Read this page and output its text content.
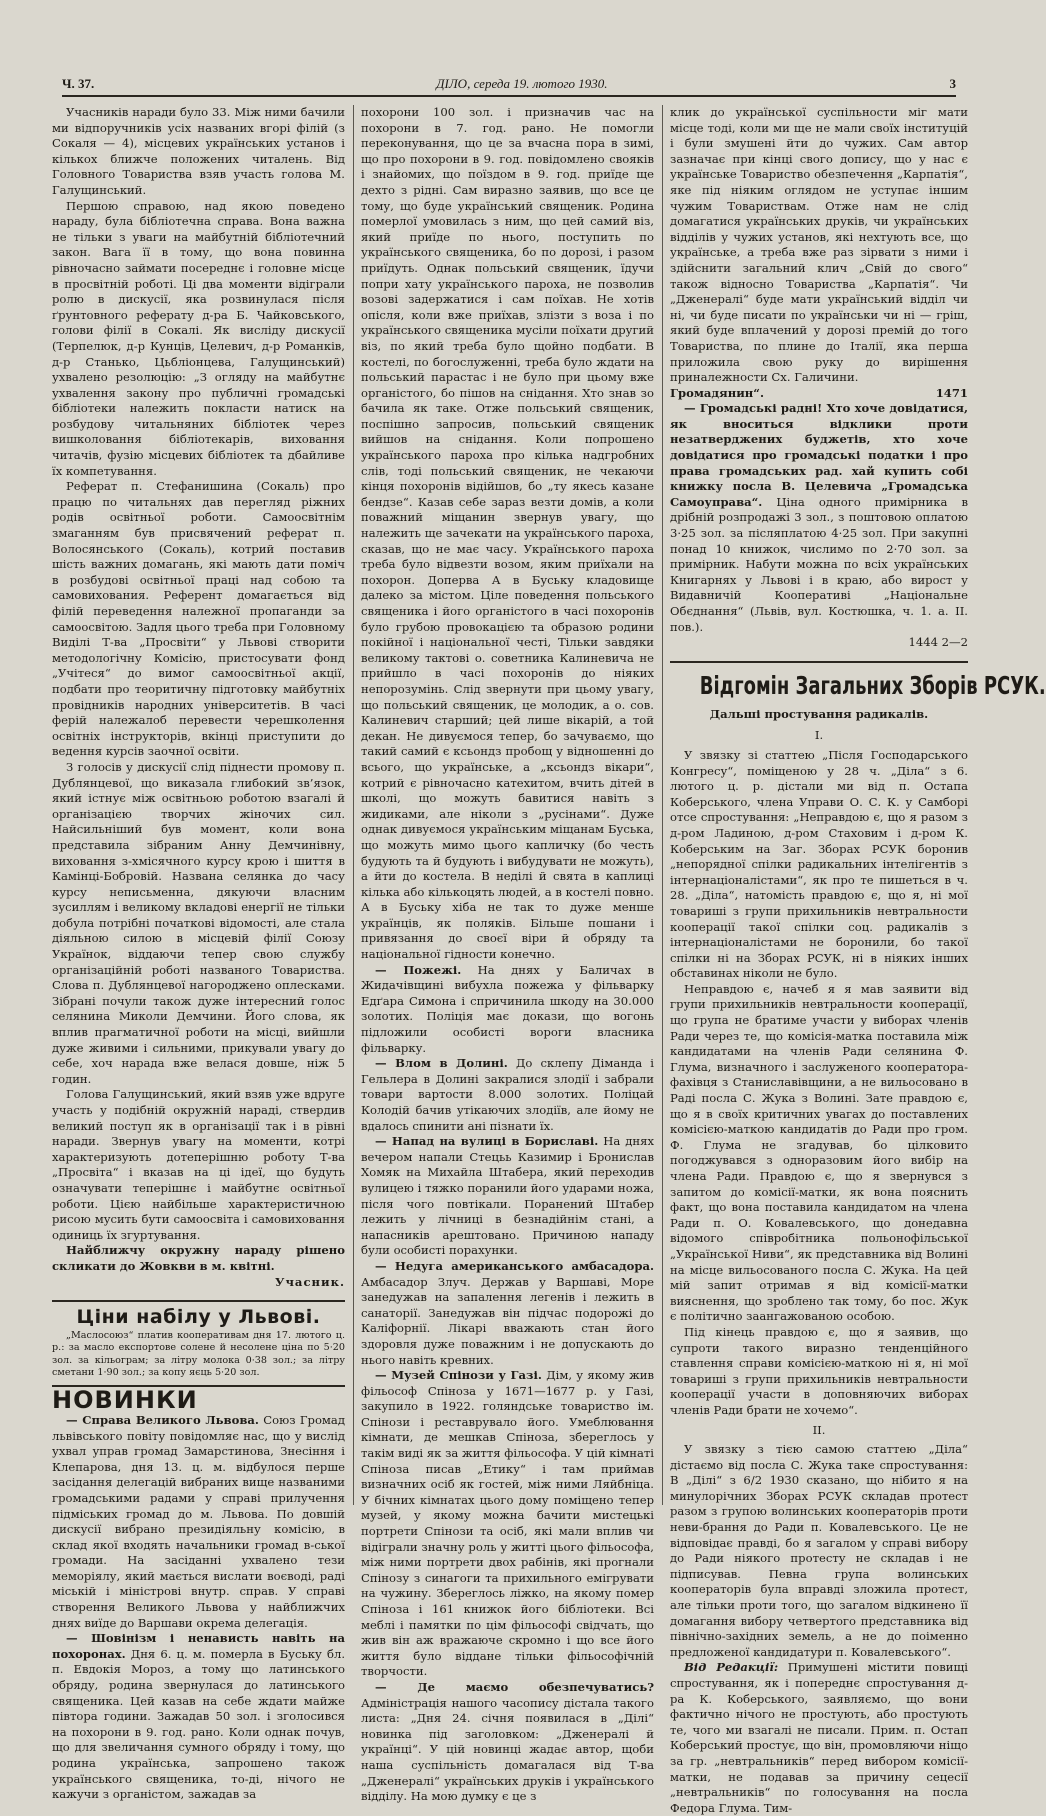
Ч. 37.	ДІЛО, середа 19. лютого 1930.	3

Учасників наради було 33. Між ними бачили ми відпоручників усіх названих вгорі філій (з Сокаля — 4), місцевих українських установ і кількох ближче положених читалень. Від Головного Товариства взяв участь голова М. Галущинський.

Першою справою, над якою поведено нараду, була бібліотечна справа. Вона важна не тільки з уваги на майбутній бібліотечний закон. Вага її в тому, що вона повинна рівночасно займати посереднє і головне місце в просвітній роботі. Ці два моменти відіграли ролю в дискусії, яка розвинулася після ґрунтовного реферату д-ра Б. Чайковського, голови філії в Сокалі. Як висліду дискусії (Терпелюк, д-р Кунців, Целевич, д-р Романків, д-р Станько, Цьбліонцева, Галущинський) ухвалено резолюцію: „З огляду на майбутнє ухвалення закону про публичні громадські бібліотеки належить покласти натиск на розбудову читальняних бібліотек через вишколовання бібліотекарів, виховання читачів, фузію місцевих бібліотек та дбайливе їх компетування.

Реферат п. Стефанишина (Сокаль) про працю по читальнях дав перегляд ріжних родів освітньої роботи. Самоосвітнім змаганням був присвячений реферат п. Волосянського (Сокаль), котрий поставив шість важних домагань, які мають дати поміч в розбудові освітньої праці над собою та самовихования. Референт домагається від філій переведення належної пропаганди за самоосвітою. Задля цього треба при Головному Виділі Т-ва „Просвіти“ у Львові створити методологічну Комісію, пристосувати фонд „Учітеся“ до вимог самоосвітньої акції, подбати про теоритичну підготовку майбутніх провідників народних університетів. В часі ферій належалоб перевести черешколення освітніх інструкторів, вкінці приступити до ведення курсів заочної освіти.

З голосів у дискусії слід піднести промову п. Дублянцевої, що виказала глибокий зв’язок, який істнує між освітньою роботою взагалі й організацією творчих жіночих сил. Найсильніший був момент, коли вона представила зібраним Анну Демчинівну, виховання з-хмісячного курсу крою і шиття в Камінці-Бобровій. Названа селянка до часу курсу неписьменна, дякуючи власним зусиллям і великому вкладові енергії не тільки добула потрібні початкові відомості, але стала діяльною силою в місцевій філії Союзу Українок, віддаючи тепер свою службу організаційній роботі названого Товариства. Слова п. Дублянцевої нагороджено оплесками. Зібрані почули також дуже інтересний голос селянина Миколи Демчини. Його слова, як вплив прагматичної роботи на місці, вийшли дуже живими і сильними, прикували увагу до себе, хоч нарада вже велася довше, ніж 5 годин.

Голова Галущинський, який взяв уже вдруге участь у подібній окружній нараді, ствердив великий поступ як в організації так і в рівні наради. Звернув увагу на моменти, котрі характеризують дотеперішню роботу Т-ва „Просвіта“ і вказав на ці ідеї, що будуть означувати теперішнє і майбутнє освітньої роботи. Цією найбільше характеристичною рисою мусить бути самоосвіта і самовиховання одиниць їх згуртування.

Найближчу окружну нараду рішено скликати до Жовкви в м. квітні.

Учасник.
Ціни набілу у Львові.

„Маслосоюз“ платив кооперативам дня 17. лютого ц. р.: за масло експортове солене й несолене ціна по 5·20 зол. за кільограм; за літру молока 0·38 зол.; за літру сметани 1·90 зол.; за копу яєць 5·20 зол.

НОВИНКИ

— Справа Великого Львова. Союз Громад львівського повіту повідомляє нас, що у вислід ухвал управ громад Замарстинова, Знесіння і Клепарова, дня 13. ц. м. відбулося перше засідання делегацій вибраних вище названими громадськими радами у справі прилучення підміських громад до м. Львова. По довшій дискусії вибрано президіяльну комісію, в склад якої входять начальники громад в-ської громади. На засіданні ухвалено тези меморіялу, який мається вислати воєводі, раді міській і міністрові внутр. справ. У справі створення Великого Львова у найближчих днях виїде до Варшави окрема делегація.

— Шовінізм і ненависть навіть на похоронах. Дня 6. ц. м. померла в Буську бл. п. Евдокія Мороз, а тому що латинського обряду, родина звернулася до латинського священика. Цей казав на себе ждати майже півтора години. Зажадав 50 зол. і зголосився на похорони в 9. год. рано. Коли однак почув, що для звеличання сумного обряду і тому, що родина українська, запрошено також українського священика, то-ді, нічого не кажучи з органістом, зажадав за

похорони 100 зол. і призначив час на похорони в 7. год. рано. Не помогли переконування, що це за вчасна пора в зимі, що про похорони в 9. год. повідомлено свояків і знайомих, що поїздом в 9. год. приїде ще дехто з рідні. Сам виразно заявив, що все це тому, що буде український священик. Родина померлої умовилась з ним, що цей самий віз, який приїде по нього, поступить по українського священика, бо по дорозі, і разом приїдуть. Однак польський священик, їдучи попри хату українського пароха, не позволив возові задержатися і сам поїхав. Не хотів опісля, коли вже приїхав, злізти з воза і по українського священика мусіли поїхати другий віз, по який треба було щойно подбати. В костелі, по богослуженні, треба було ждати на польський парастас і не було при цьому вже органістого, бо пішов на снідання. Хто знав зо бачила як таке. Отже польський священик, поспішно запросив, польський священик вийшов на снідання. Коли попрошено українського пароха про кілька надгробних слів, тоді польський священик, не чекаючи кінця похоронів відійшов, бо „ту якесь казане бендзе“. Казав себе зараз везти домів, а коли поважний міщанин звернув увагу, що належить ще зачекати на українського пароха, сказав, що не має часу. Українського пароха треба було відвезти возом, яким приїхали на похорон. Доперва А в Буську кладовище далеко за містом. Ціле поведення польського священика і його органістого в часі похоронів було грубою провокацією та образою родини покійної і національної честі, Тільки завдяки великому тактові о. советника Калиневича не прийшло в часі похоронів до ніяких непорозумінь. Слід звернути при цьому увагу, що польський священик, це молодик, а о. сов. Калиневич старший; цей лише вікарій, а той декан. Не дивуємося тепер, бо зачуваємо, що такий самий є ксьондз пробощ у відношенні до всього, що українське, а „ксьондз вікари“, котрий є рівночасно катехитом, вчить дітей в школі, що можуть бавитися навіть з жидиками, але ніколи з „русінами“. Дуже однак дивуємося українським міщанам Буська, що можуть мимо цього капличку (бо честь будують та й будують і вибудувати не можуть), а йти до костела. В неділі й свята в каплиці кілька або кількоцять людей, а в костелі повно. А в Буську хіба не так то дуже менше українців, як поляків. Більше пошани і привязання до своєї віри й обряду та національної гідности конечно.

— Пожежі. На днях у Баличах в Жидачівщині вибухла пожежа у фільварку Едґара Симона і спричинила шкоду на 30.000 золотих. Поліція має докази, що вогонь підложили особисті вороги власника фільварку.

— Влом в Долині. До склепу Діманда і Гельлера в Долині закралися злодії і забрали товари вартости 8.000 золотих. Поліцай Колодій бачив утікаючих злодіїв, але йому не вдалось спинити ані пізнати їх.

— Напад на вулиці в Бориславі. На днях вечером напали Стецьь Казимир і Бронислав Хомяк на Михайла Штабера, який переходив вулицею і тяжко поранили його ударами ножа, після чого повтікали. Поранений Штабер лежить у лічниці в безнадійнім стані, а напасників арештовано. Причиною нападу були особисті порахунки.

— Недуга американського амбасадора. Амбасадор Злуч. Держав у Варшаві, Море занедужав на запалення легенів і лежить в санаторії. Занедужав він підчас подорожі до Каліфорнії. Лікарі вважають стан його здоровля дуже поважним і не допускають до нього навіть кревних.

— Музей Спінози у Газі. Дім, у якому жив фільософ Спіноза у 1671—1677 р. у Газі, закупило в 1922. голяндське товариство ім. Спінози і реставрувало його. Умеблювання кімнати, де мешкав Спіноза, збереглось у такім виді як за життя фільософа. У цій кімнаті Спіноза писав „Етику“ і там приймав визначних осіб як гостей, між ними Ляйбніца. У бічних кімнатах цього дому поміщено тепер музей, у якому можна бачити мистецькі портрети Спінози та осіб, які мали вплив чи відіграли значну роль у житті цього фільософа, між ними портрети двох рабінів, які прогнали Спінозу з синагоги та прихильного емігрувати на чужину. Збереглось ліжко, на якому помер Спіноза і 161 книжок його бібліотеки. Всі меблі і памятки по цім фільософі свідчать, що жив він аж вражаюче скромно і що все його життя було віддане тільки фільософічній творчости.

— Де маємо обезпечуватись? Адміністрація нашого часопису дістала такого листа: „Дня 24. січня появилася в „Ділі“ новинка під заголовком: „Дженералі й українці“. У цій новинці жадає автор, щоби наша суспільність домагалася від Т-ва „Дженералі“ українських друків і українського відділу. На мою думку є це з

клик до української суспільности міг мати місце тоді, коли ми ще не мали своїх інституцій і були змушені йти до чужих. Сам автор зазначає при кінці свого допису, що у нас є українське Товариство обезпечення „Карпатія“, яке під ніяким оглядом не уступає іншим чужим Товариствам. Отже нам не слід домагатися українських друків, чи українських відділів у чужих установ, які нехтують все, що українське, а треба вже раз зірвати з ними і здійснити загальний клич „Свій до свого“ також відносно Товариства „Карпатія“. Чи „Дженералі“ буде мати український відділ чи ні, чи буде писати по українськи чи ні — гріш, який буде вплачений у дорозі премій до того Товариства, по плине до Італії, яка перша приложила свою руку до вирішення приналежности Сх. Галичини.

Громадянин“.	1471

— Громадські радні! Хто хоче довідатися, як вноситься відклики проти незатверджених буджетів, хто хоче довідатися про громадські податки і про права громадських рад. хай купить собі книжку посла В. Целевича „Громадська Самоуправа“. Ціна одного примірника в дрібній розпродажі 3 зол., з поштовою оплатою 3·25 зол. за післяплатою 4·25 зол. При закупні понад 10 книжок, числимо по 2·70 зол. за примірник. Набути можна по всіх українських Книгарнях у Львові і в краю, або вирост у Видавничій Кооперативі „Національне Обєднання“ (Львів, вул. Костюшка, ч. 1. а. II. пов.).

1444 2—2
Відгомін Загальних Зборів РСУК.
Дальші простування радикалів.
I.

У звязку зі статтею „Після Господарського Конгресу“, поміщеною у 28 ч. „Діла“ з 6. лютого ц. р. дістали ми від п. Остапа Коберського, члена Управи О. С. К. у Самборі отсе спростування: „Неправдою є, що я разом з д-ром Ладиною, д-ром Стаховим і д-ром К. Коберським на Заг. Зборах РСУК боронив „непорядної спілки радикальних інтелігентів з інтернаціоналістами“, як про те пишеться в ч. 28. „Діла“, натомість правдою є, що я, ні мої товариші з групи прихильників невтральности кооперації такої спілки соц. радикалів з інтернаціоналістами не боронили, бо такої спілки ні на Зборах РСУК, ні в ніяких інших обставинах ніколи не було.

Неправдою є, начеб я я мав заявити від групи прихильників невтральности кооперації, що група не братиме участи у виборах членів Ради через те, що комісія-матка поставила між кандидатами на членів Ради селянина Ф. Глума, визначного і заслуженого кооператора-фахівця з Станиславівщини, а не вильосовано в Раді посла С. Жука з Волині. Зате правдою є, що я в своїх критичних увагах до поставлених комісією-маткою кандидатів до Ради про гром. Ф. Глума не згадував, бо цілковито погоджувався з одноразовим його вибір на члена Ради. Правдою є, що я звернувся з запитом до комісії-матки, як вона пояснить факт, що вона поставила кандидатом на члена Ради п. О. Ковалевського, що донедавна відомого співробітника польонофільської „Української Ниви“, як представника від Волині на місце вильосованого посла С. Жука. На цей мій запит отримав я від комісії-матки вияснення, що зроблено так тому, бо пос. Жук є політично заангажованою особою.

Під кінець правдою є, що я заявив, що супроти такого виразно тенденційного ставлення справи комісією-маткою ні я, ні мої товариші з групи прихильників невтральности кооперації участи в доповняючих виборах членів Ради брати не хочемо“.

II.

У звязку з тією самою статтею „Діла“ дістаємо від посла С. Жука таке спростування: В „Ділі“ з 6/2 1930 сказано, що нібито я на минулорічних Зборах РСУК складав протест разом з групою волинських кооператорів проти неви-брання до Ради п. Ковалевського. Це не відповідає правді, бо я загалом у справі вибору до Ради ніякого протесту не складав і не підписував. Певна група волинських кооператорів була вправді зложила протест, але тільки проти того, що загалом відкинено її домагання вибору четвертого представника від північно-західних земель, а не до поіменно предложеної кандидатури п. Ковалевського“.

Від Редакції: Примушені містити повищі спростування, як і попереднє спростування д-ра К. Коберського, заявляємо, що вони фактично нічого не простують, або простують те, чого ми взагалі не писали. Прим. п. Остап Коберський простує, що він, промовляючи ніщо за гр. „невтральників“ перед вибором комісії-матки, не подавав за причину сецесії „невтральників“ по голосування на посла Федора Глума. Тим-
